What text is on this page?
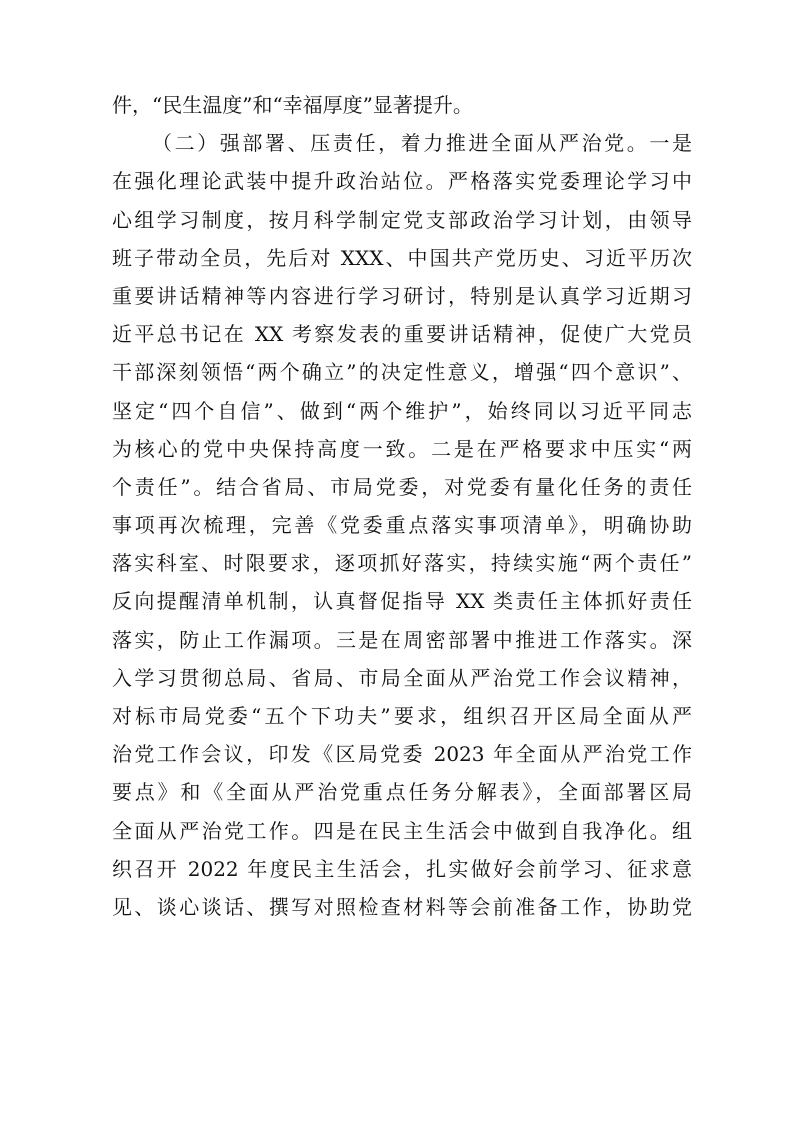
件，“民生温度”和“幸福厚度”显著提升。
（二）强部署、压责任，着力推进全面从严治党。一是
在强化理论武装中提升政治站位。严格落实党委理论学习中
心组学习制度，按月科学制定党支部政治学习计划，由领导
班子带动全员，先后对 XXX、中国共产党历史、习近平历次
重要讲话精神等内容进行学习研讨，特别是认真学习近期习
近平总书记在 XX 考察发表的重要讲话精神，促使广大党员
干部深刻领悟“两个确立”的决定性意义，增强“四个意识”、
坚定“四个自信”、做到“两个维护”，始终同以习近平同志
为核心的党中央保持高度一致。二是在严格要求中压实“两
个责任”。结合省局、市局党委，对党委有量化任务的责任
事项再次梳理，完善《党委重点落实事项清单》，明确协助
落实科室、时限要求，逐项抓好落实，持续实施“两个责任”
反向提醒清单机制，认真督促指导 XX 类责任主体抓好责任
落实，防止工作漏项。三是在周密部署中推进工作落实。深
入学习贯彻总局、省局、市局全面从严治党工作会议精神，
对标市局党委“五个下功夫”要求，组织召开区局全面从严
治党工作会议，印发《区局党委 2023 年全面从严治党工作
要点》和《全面从严治党重点任务分解表》，全面部署区局
全面从严治党工作。四是在民主生活会中做到自我净化。组
织召开 2022 年度民主生活会，扎实做好会前学习、征求意
见、谈心谈话、撰写对照检查材料等会前准备工作，协助党
